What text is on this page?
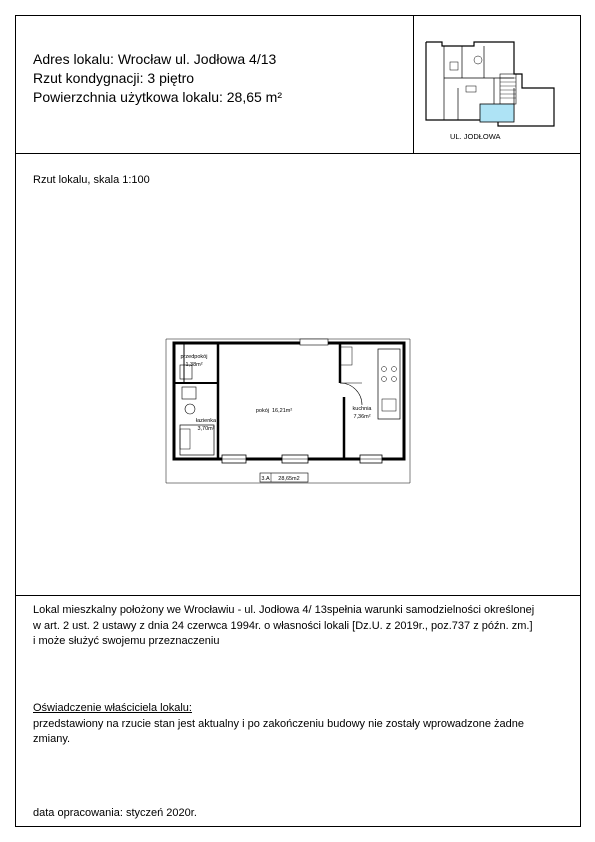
Adres lokalu: Wrocław ul. Jodłowa 4/13
Rzut kondygnacji: 3 piętro
Powierzchnia użytkowa lokalu: 28,65 m²
UL. JODŁOWA
Rzut lokalu, skala 1:100
przedpokój
1,38m²
łazienka
3,70m²
pokój 16,21m²	kuchnia
7,36m²
3.A 28,65m2
Lokal mieszkalny położony we Wrocławiu - ul. Jodłowa 4/ 13spełnia warunki samodzielności określonej
w art. 2 ust. 2 ustawy z dnia 24 czerwca 1994r. o własności lokali [Dz.U. z 2019r., poz.737 z późn. zm.]
i może służyć swojemu przeznaczeniu
Oświadczenie właściciela lokalu:
przedstawiony na rzucie stan jest aktualny i po zakończeniu budowy nie zostały wprowadzone żadne
zmiany.
data opracowania: styczeń 2020r.
